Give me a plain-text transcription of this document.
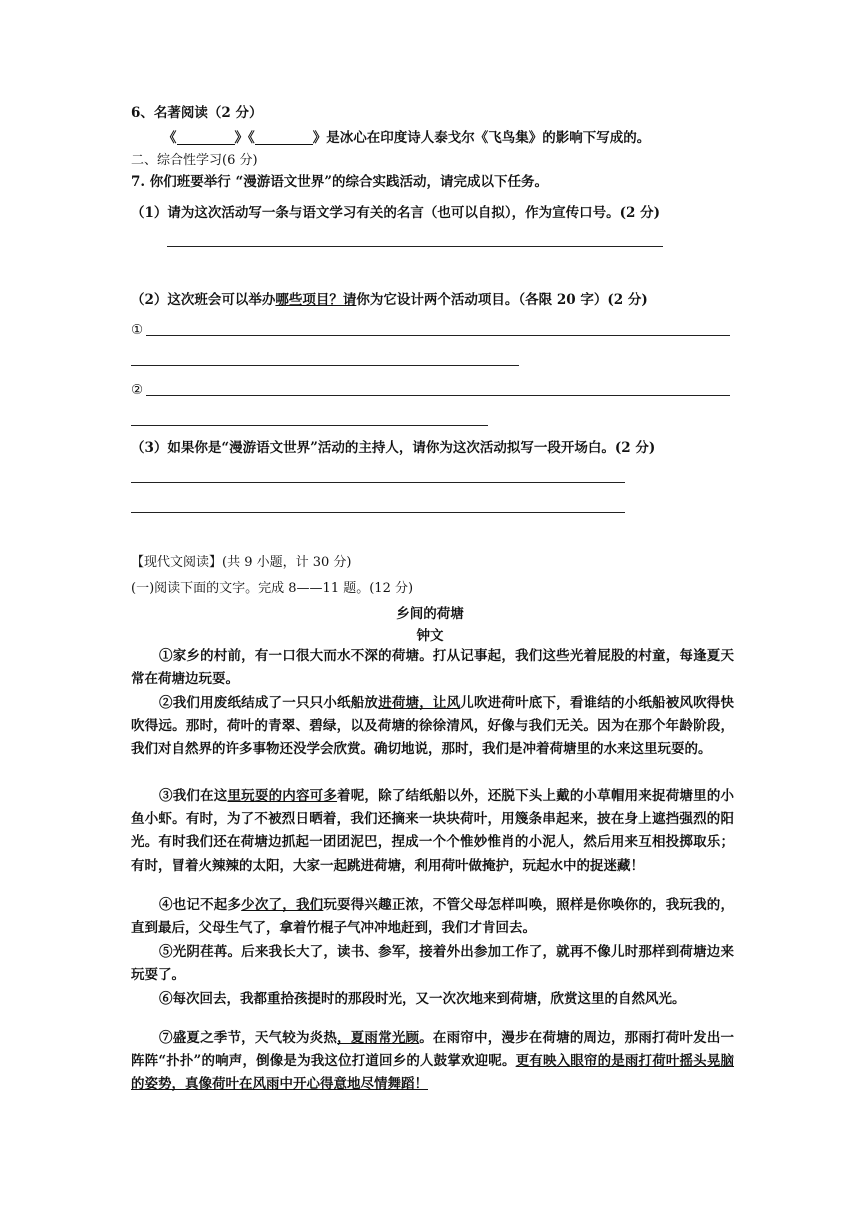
6、名著阅读（2 分）
《	》《	》是冰心在印度诗人泰戈尔《飞鸟集》的影响下写成的。
二、综合性学习(6 分)
7. 你们班要举行 “漫游语文世界”的综合实践活动，请完成以下任务。
（1）请为这次活动写一条与语文学习有关的名言（也可以自拟），作为宣传口号。(2 分)
（2）这次班会可以举办哪些项目？请你为它设计两个活动项目。（各限 20 字）(2 分)
①
②
（3）如果你是“漫游语文世界”活动的主持人，请你为这次活动拟写一段开场白。(2 分)
【现代文阅读】(共 9 小题，计 30 分)
(一)阅读下面的文字。完成 8——11 题。(12 分)
乡间的荷塘
钟文
①家乡的村前，有一口很大而水不深的荷塘。打从记事起，我们这些光着屁股的村童，每逢夏天常在荷塘边玩耍。
②我们用废纸结成了一只只小纸船放进荷塘，让风儿吹进荷叶底下，看谁结的小纸船被风吹得快吹得远。那时，荷叶的青翠、碧绿，以及荷塘的徐徐清风，好像与我们无关。因为在那个年龄阶段，我们对自然界的许多事物还没学会欣赏。确切地说，那时，我们是冲着荷塘里的水来这里玩耍的。
③我们在这里玩耍的内容可多着呢，除了结纸船以外，还脱下头上戴的小草帽用来捉荷塘里的小鱼小虾。有时，为了不被烈日晒着，我们还摘来一块块荷叶，用篾条串起来，披在身上遮挡强烈的阳光。有时我们还在荷塘边抓起一团团泥巴，捏成一个个惟妙惟肖的小泥人，然后用来互相投掷取乐；有时，冒着火辣辣的太阳，大家一起跳进荷塘，利用荷叶做掩护，玩起水中的捉迷藏！
④也记不起多少次了，我们玩耍得兴趣正浓，不管父母怎样叫唤，照样是你唤你的，我玩我的，直到最后，父母生气了，拿着竹棍子气冲冲地赶到，我们才肯回去。
⑤光阴荏苒。后来我长大了，读书、参军，接着外出参加工作了，就再不像儿时那样到荷塘边来玩耍了。
⑥每次回去，我都重拾孩提时的那段时光，又一次次地来到荷塘，欣赏这里的自然风光。
⑦盛夏之季节，天气较为炎热，夏雨常光顾。在雨帘中，漫步在荷塘的周边，那雨打荷叶发出一阵阵“扑扑”的响声，倒像是为我这位打道回乡的人鼓掌欢迎呢。更有映入眼帘的是雨打荷叶摇头晃脑的姿势，真像荷叶在风雨中开心得意地尽情舞蹈！
